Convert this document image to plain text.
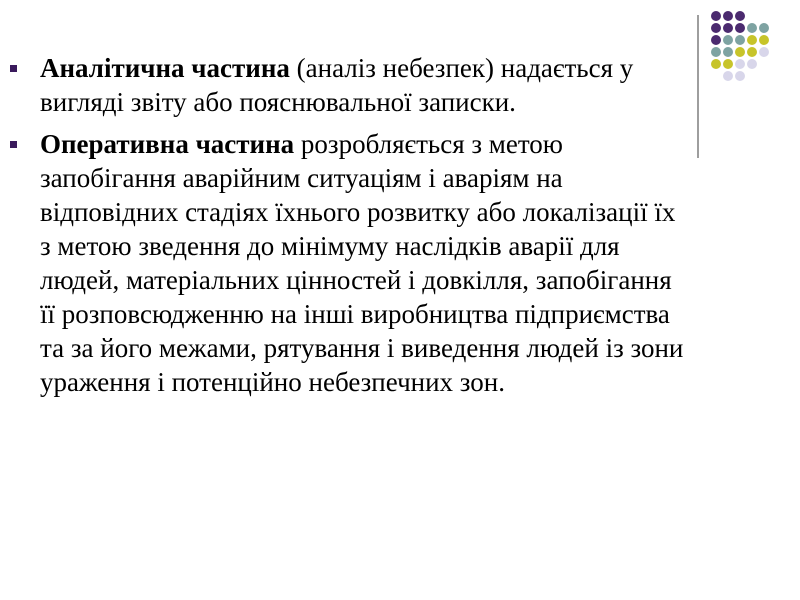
Аналітична частина (аналіз небезпек) надається у вигляді звіту або пояснювальної записки.
Оперативна частина розробляється з метою запобігання аварійним ситуаціям і аваріям на відповідних стадіях їхнього розвитку або локалізації їх з метою зведення до мінімуму наслідків аварії для людей, матеріальних цінностей і довкілля, запобігання її розповсюдженню на інші виробництва підприємства та за його межами, рятування і виведення людей із зони ураження і потенційно небезпечних зон.
